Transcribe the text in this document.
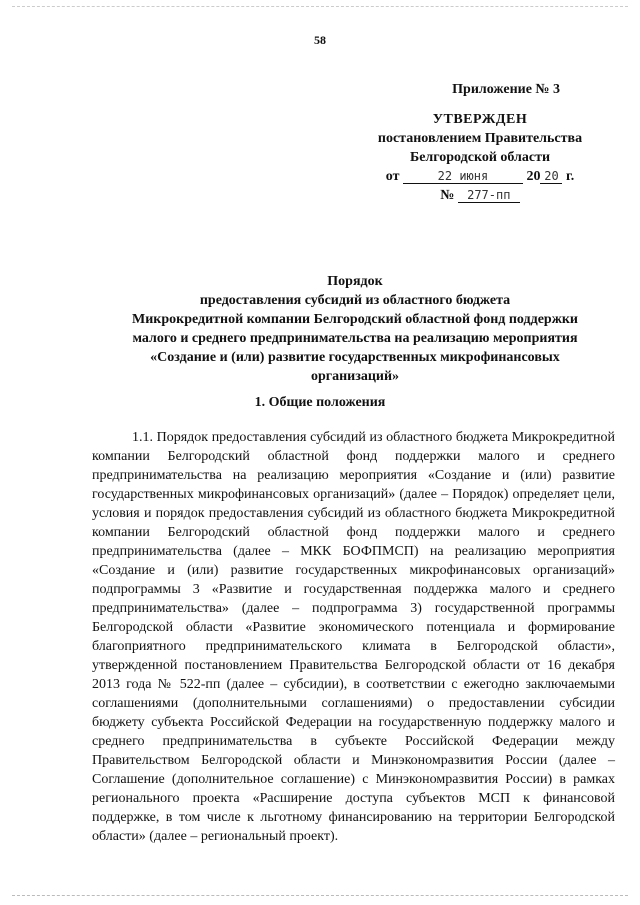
58
Приложение № 3
УТВЕРЖДЕН
постановлением Правительства
Белгородской области
от	22 июня	20 20 г.
№ 277-пп
Порядок
предоставления субсидий из областного бюджета
Микрокредитной компании Белгородский областной фонд поддержки
малого и среднего предпринимательства на реализацию мероприятия
«Создание и (или) развитие государственных микрофинансовых
организаций»
1. Общие положения
1.1. Порядок предоставления субсидий из областного бюджета Микрокредитной компании Белгородский областной фонд поддержки малого и среднего предпринимательства на реализацию мероприятия «Создание и (или) развитие государственных микрофинансовых организаций» (далее – Порядок) определяет цели, условия и порядок предоставления субсидий из областного бюджета Микрокредитной компании Белгородский областной фонд поддержки малого и среднего предпринимательства (далее – МКК БОФПМСП) на реализацию мероприятия «Создание и (или) развитие государственных микрофинансовых организаций» подпрограммы 3 «Развитие и государственная поддержка малого и среднего предпринимательства» (далее – подпрограмма 3) государственной программы Белгородской области «Развитие экономического потенциала и формирование благоприятного предпринимательского климата в Белгородской области», утвержденной постановлением Правительства Белгородской области от 16 декабря 2013 года № 522-пп (далее – субсидии), в соответствии с ежегодно заключаемыми соглашениями (дополнительными соглашениями) о предоставлении субсидии бюджету субъекта Российской Федерации на государственную поддержку малого и среднего предпринимательства в субъекте Российской Федерации между Правительством Белгородской области и Минэкономразвития России (далее – Соглашение (дополнительное соглашение) с Минэкономразвития России) в рамках регионального проекта «Расширение доступа субъектов МСП к финансовой поддержке, в том числе к льготному финансированию на территории Белгородской области» (далее – региональный проект).
